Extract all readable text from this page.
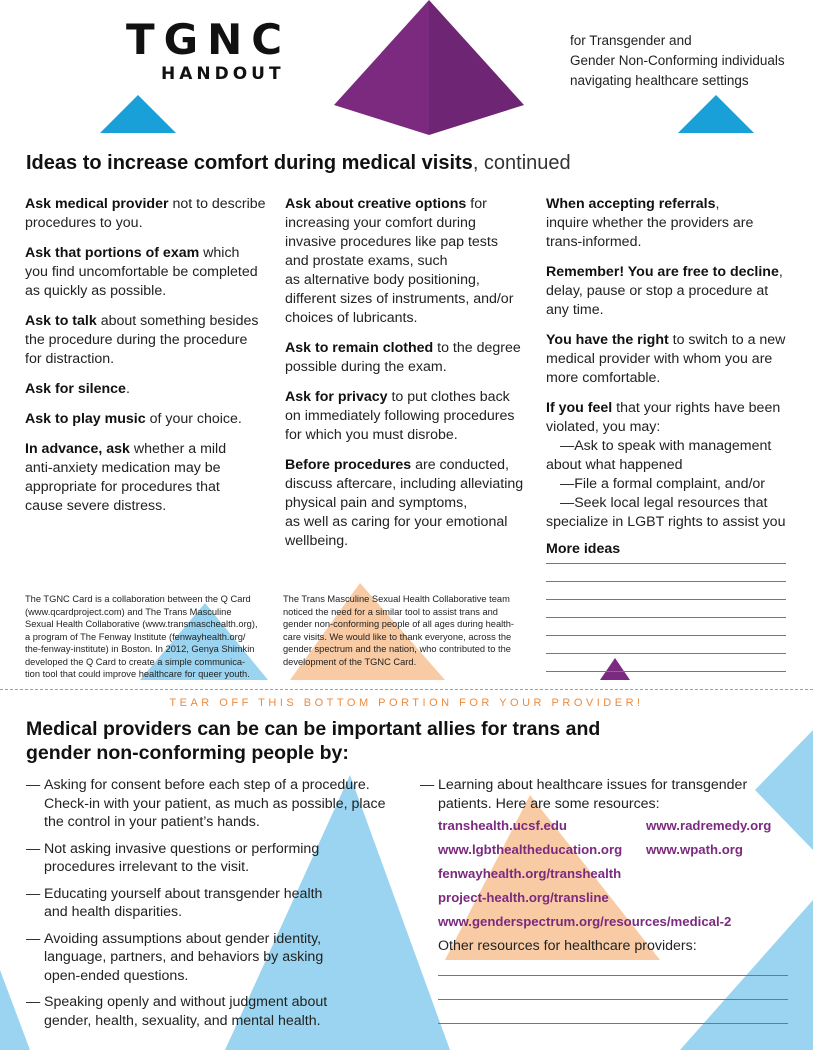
TGNC
HANDOUT
for Transgender and
Gender Non-Conforming individuals
navigating healthcare settings
Ideas to increase comfort during medical visits, continued

Ask medical provider not to describe
procedures to you.

Ask that portions of exam which
you find uncomfortable be completed
as quickly as possible.

Ask to talk about something besides
the procedure during the procedure
for distraction.

Ask for silence.

Ask to play music of your choice.

In advance, ask whether a mild
anti-anxiety medication may be
appropriate for procedures that
cause severe distress.

Ask about creative options for
increasing your comfort during
invasive procedures like pap tests
and prostate exams, such
as alternative body positioning,
different sizes of instruments, and/or
choices of lubricants.

Ask to remain clothed to the degree
possible during the exam.

Ask for privacy to put clothes back
on immediately following procedures
for which you must disrobe.

Before procedures are conducted,
discuss aftercare, including alleviating
physical pain and symptoms,
as well as caring for your emotional
wellbeing.

When accepting referrals,
inquire whether the providers are
trans-informed.

Remember! You are free to decline,
delay, pause or stop a procedure at
any time.

You have the right to switch to a new
medical provider with whom you are
more comfortable.

If you feel that your rights have been
violated, you may:
—Ask to speak with management
about what happened
—File a formal complaint, and/or
—Seek local legal resources that
specialize in LGBT rights to assist you

More ideas

The TGNC Card is a collaboration between the Q Card
(www.qcardproject.com) and The Trans Masculine
Sexual Health Collaborative (www.transmaschealth.org),
a program of The Fenway Institute (fenwayhealth.org/
the-fenway-institute) in Boston. In 2012, Genya Shimkin
developed the Q Card to create a simple communica-
tion tool that could improve healthcare for queer youth.
The Trans Masculine Sexual Health Collaborative team
noticed the need for a similar tool to assist trans and
gender non-conforming people of all ages during health-
care visits. We would like to thank everyone, across the
gender spectrum and the nation, who contributed to the
development of the TGNC Card.
TEAR OFF THIS BOTTOM PORTION FOR YOUR PROVIDER!
Medical providers can be can be important allies for trans and
gender non-conforming people by:
— Asking for consent before each step of a procedure.
Check-in with your patient, as much as possible, place
the control in your patient’s hands.
— Not asking invasive questions or performing
procedures irrelevant to the visit.
— Educating yourself about transgender health
and health disparities.
— Avoiding assumptions about gender identity,
language, partners, and behaviors by asking
open-ended questions.
— Speaking openly and without judgment about
gender, health, sexuality, and mental health.
— Learning about healthcare issues for transgender
patients. Here are some resources:
transhealth.ucsf.edu	www.radremedy.org
www.lgbthealtheducation.org www.wpath.org
fenwayhealth.org/transhealth
project-health.org/transline
www.genderspectrum.org/resources/medical-2
Other resources for healthcare providers:
